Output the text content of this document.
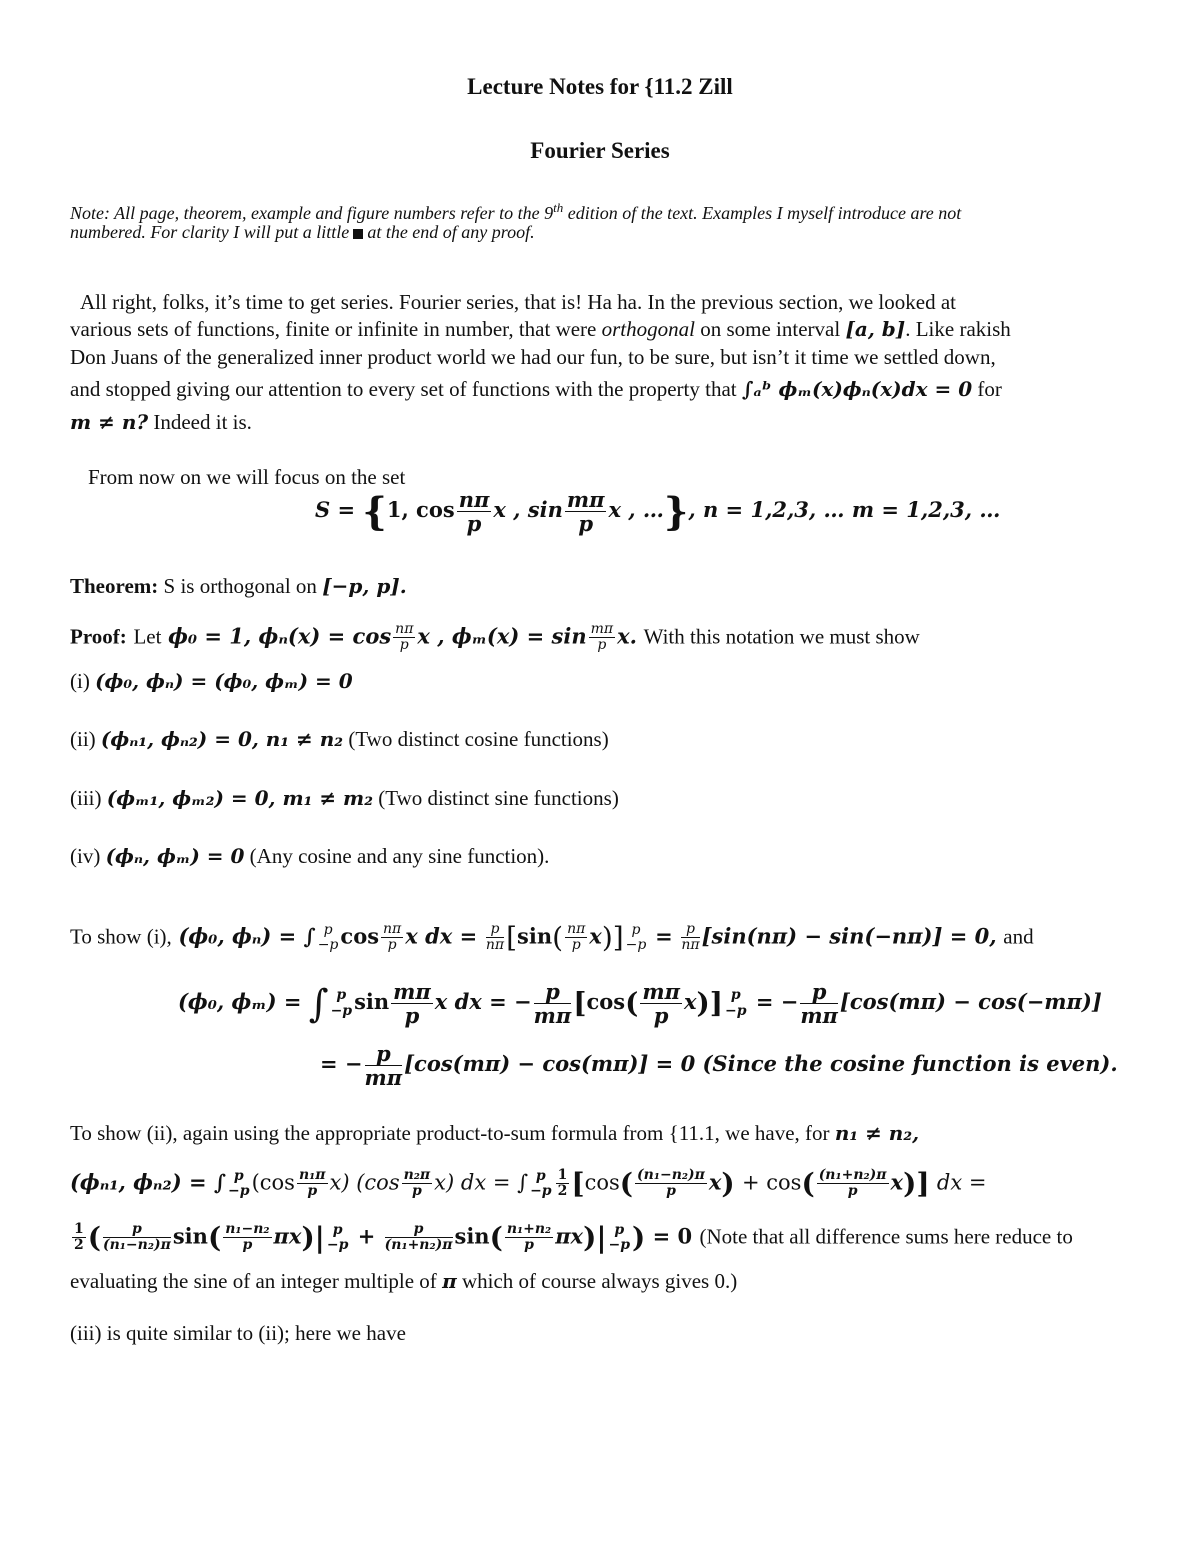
Lecture Notes for {11.2 Zill
Fourier Series
Note: All page, theorem, example and figure numbers refer to the 9th edition of the text. Examples I myself introduce are not
numbered. For clarity I will put a little at the end of any proof.
All right, folks, it’s time to get series. Fourier series, that is! Ha ha. In the previous section, we looked at
various sets of functions, finite or infinite in number, that were orthogonal on some interval [a, b]. Like rakish
Don Juans of the generalized inner product world we had our fun, to be sure, but isn’t it time we settled down,
and stopped giving our attention to every set of functions with the property that ∫ₐᵇ ϕₘ(x)ϕₙ(x)dx = 0 for
m ≠ n? Indeed it is.
From now on we will focus on the set
S = {1, $\cos \frac{n\pi}{p}$ x , $\sin \frac{m\pi}{p}$ x , …}, n = 1,2,3, … m = 1,2,3, …
Theorem: S is orthogonal on [−p, p].
Proof: Let ϕ₀ = 1, $\phi_n(x) = \cos \frac{n\pi}{p}$ x , $\phi_m(x) = \sin \frac{m\pi}{p} x$. With this notation we must show
(i) (ϕ₀, ϕₙ) = (ϕ₀, ϕₘ) = 0
(ii) (ϕₙ₁, ϕₙ₂) = 0, n₁ ≠ n₂ (Two distinct cosine functions)
(iii) (ϕₘ₁, ϕₘ₂) = 0, m₁ ≠ m₂ (Two distinct sine functions)
(iv) (ϕₙ, ϕₘ) = 0 (Any cosine and any sine function).
To show (i), (ϕ₀, ϕₙ) = ∫ p
−p $\cos \frac{n\pi}{p}$ x dx = $\frac{p}{n\pi} [\sin( \frac{n\pi}{p} x)]$ p
$-p = \frac{p}{n\pi} [\sin(n\pi) - \sin(-n\pi)] = 0$, and
(ϕ₀, ϕₘ) = ∫ p
−p $\sin \frac{m\pi}{p}$ x dx = − $\frac{p}{m\pi} [\cos( \frac{m\pi}{p} x)]$ p
−p = − $\frac{p}{m\pi} [\cos(m\pi) - \cos(-m\pi)]$
= − $\frac{p}{m\pi} [\cos(m\pi) - \cos(m\pi)] = 0$ (Since the cosine function is even).
To show (ii), again using the appropriate product-to-sum formula from {11.1, we have, for n₁ ≠ n₂,
(ϕₙ₁, ϕₙ₂) = ∫ p
−p $(\cos \frac{\text{n₁π}}{p} x)$ $(\cos \frac{\text{n₂π}}{p} x)$ dx = ∫ p
$-p \frac{1}{2} [\cos( \frac{\text{(n₁−n₂)π}}{p} x) + \cos( \frac{\text{(n₁+n₂)π}}{p} x)]$ dx =
$\frac{1}{2}$ ( $\frac{p}{\text{(n₁−n₂)π}} \sin( \frac{\text{n₁−n₂}}{p} \pi x)|$ p
$-p + \frac{p}{\text{(n₁+n₂)π}} \sin( \frac{\text{n₁+n₂}}{p} \pi x)|$ p
−p ) = 0 (Note that all difference sums here reduce to
evaluating the sine of an integer multiple of π which of course always gives 0.)
(iii) is quite similar to (ii); here we have
